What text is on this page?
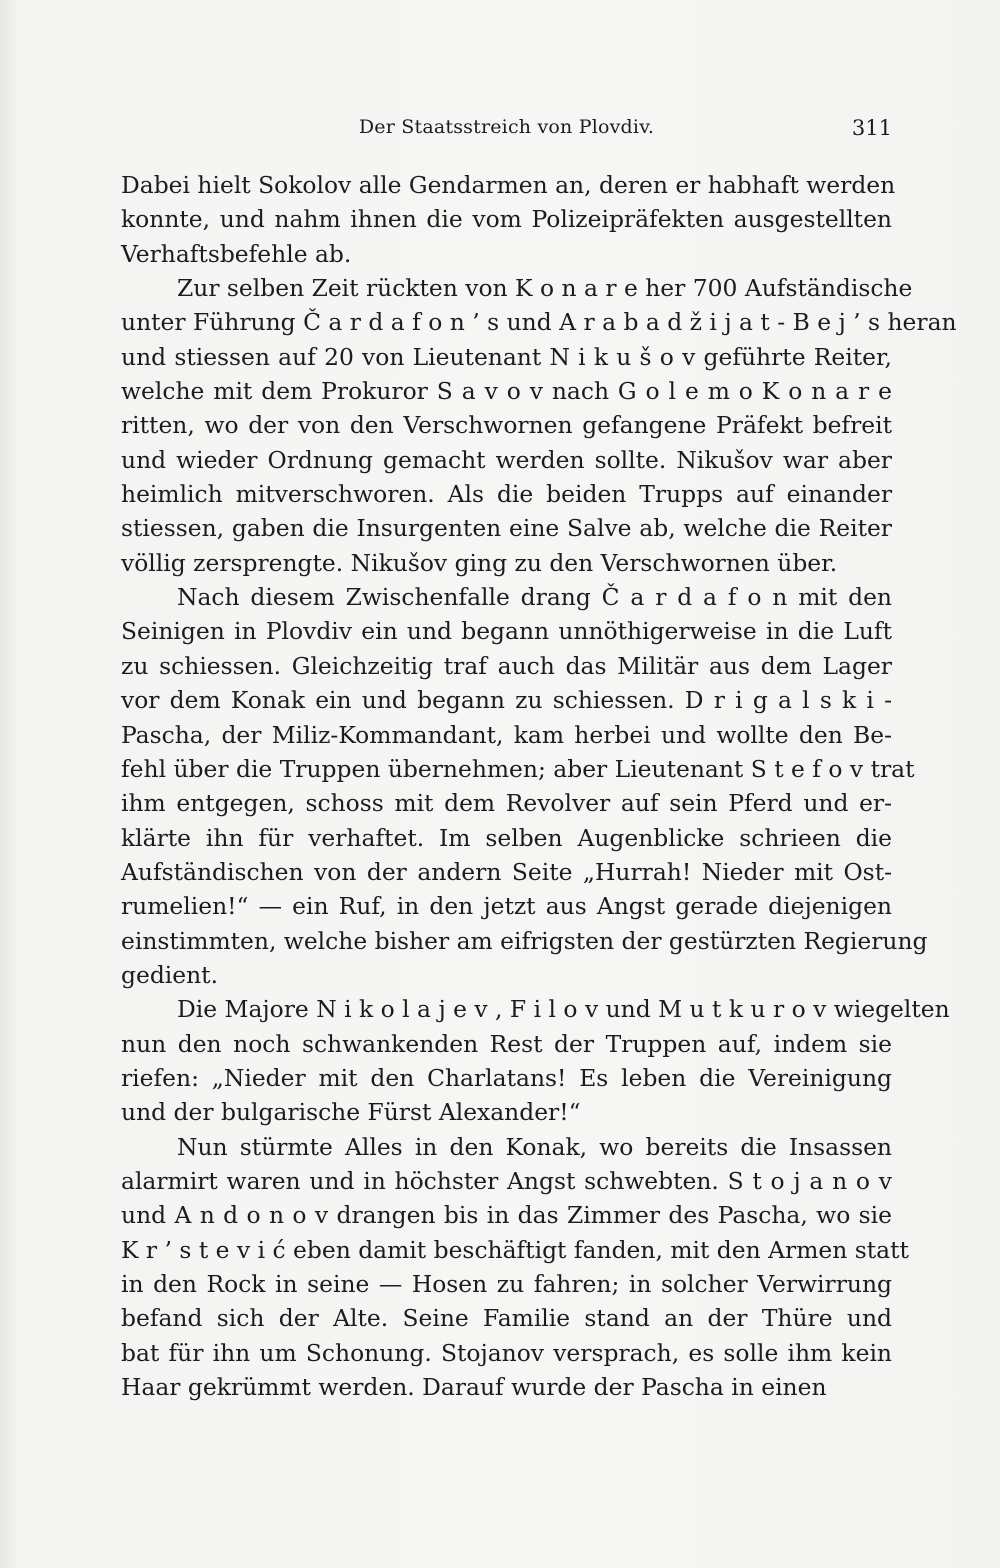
Der Staatsstreich von Plovdiv.	311
Dabei hielt Sokolov alle Gendarmen an, deren er habhaft werden
konnte, und nahm ihnen die vom Polizeipräfekten ausgestellten
Verhaftsbefehle ab.
Zur selben Zeit rückten von K o n a r e her 700 Aufständische
unter Führung Č a r d a f o n ’ s und A r a b a d ž i j a t - B e j ’ s heran
und stiessen auf 20 von Lieutenant N i k u š o v geführte Reiter,
welche mit dem Prokuror S a v o v nach G o l e m o K o n a r e
ritten, wo der von den Verschwornen gefangene Präfekt befreit
und wieder Ordnung gemacht werden sollte. Nikušov war aber
heimlich mitverschworen. Als die beiden Trupps auf einander
stiessen, gaben die Insurgenten eine Salve ab, welche die Reiter
völlig zersprengte. Nikušov ging zu den Verschwornen über.
Nach diesem Zwischenfalle drang Č a r d a f o n mit den
Seinigen in Plovdiv ein und begann unnöthigerweise in die Luft
zu schiessen. Gleichzeitig traf auch das Militär aus dem Lager
vor dem Konak ein und begann zu schiessen. D r i g a l s k i -
Pascha, der Miliz-Kommandant, kam herbei und wollte den Be-
fehl über die Truppen übernehmen; aber Lieutenant S t e f o v trat
ihm entgegen, schoss mit dem Revolver auf sein Pferd und er-
klärte ihn für verhaftet. Im selben Augenblicke schrieen die
Aufständischen von der andern Seite „Hurrah! Nieder mit Ost-
rumelien!“ — ein Ruf, in den jetzt aus Angst gerade diejenigen
einstimmten, welche bisher am eifrigsten der gestürzten Regierung
gedient.
Die Majore N i k o l a j e v , F i l o v und M u t k u r o v wiegelten
nun den noch schwankenden Rest der Truppen auf, indem sie
riefen: „Nieder mit den Charlatans! Es leben die Vereinigung
und der bulgarische Fürst Alexander!“
Nun stürmte Alles in den Konak, wo bereits die Insassen
alarmirt waren und in höchster Angst schwebten. S t o j a n o v
und A n d o n o v drangen bis in das Zimmer des Pascha, wo sie
K r ’ s t e v i ć eben damit beschäftigt fanden, mit den Armen statt
in den Rock in seine — Hosen zu fahren; in solcher Verwirrung
befand sich der Alte. Seine Familie stand an der Thüre und
bat für ihn um Schonung. Stojanov versprach, es solle ihm kein
Haar gekrümmt werden. Darauf wurde der Pascha in einen
